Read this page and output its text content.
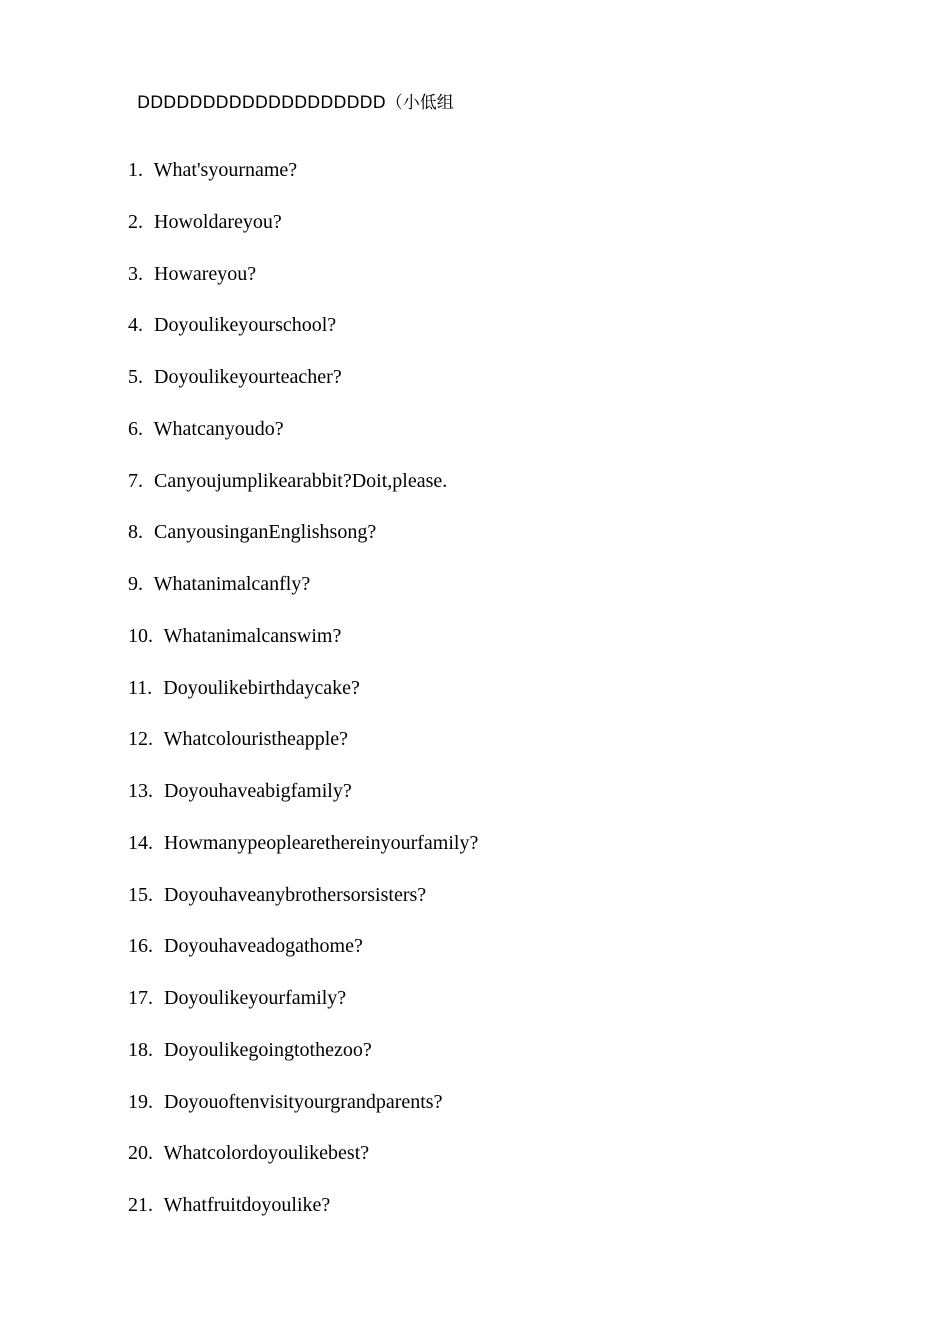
DDDDDDDDDDDDDDDDDDD（小低组
1. What'syourname?
2. Howoldareyou?
3. Howareyou?
4. Doyoulikeyourschool?
5. Doyoulikeyourteacher?
6. Whatcanyoudo?
7. Canyoujumplikearabbit?Doit,please.
8. CanyousinganEnglishsong?
9. Whatanimalcanfly?
10. Whatanimalcanswim?
11. Doyoulikebirthdaycake?
12. Whatcolouristheapple?
13. Doyouhaveabigfamily?
14. Howmanypeoplearethereinyourfamily?
15. Doyouhaveanybrothersorsisters?
16. Doyouhaveadogathome?
17. Doyoulikeyourfamily?
18. Doyoulikegoingtothezoo?
19. Doyouoftenvisityourgrandparents?
20. Whatcolordoyoulikebest?
21. Whatfruitdoyoulike?
